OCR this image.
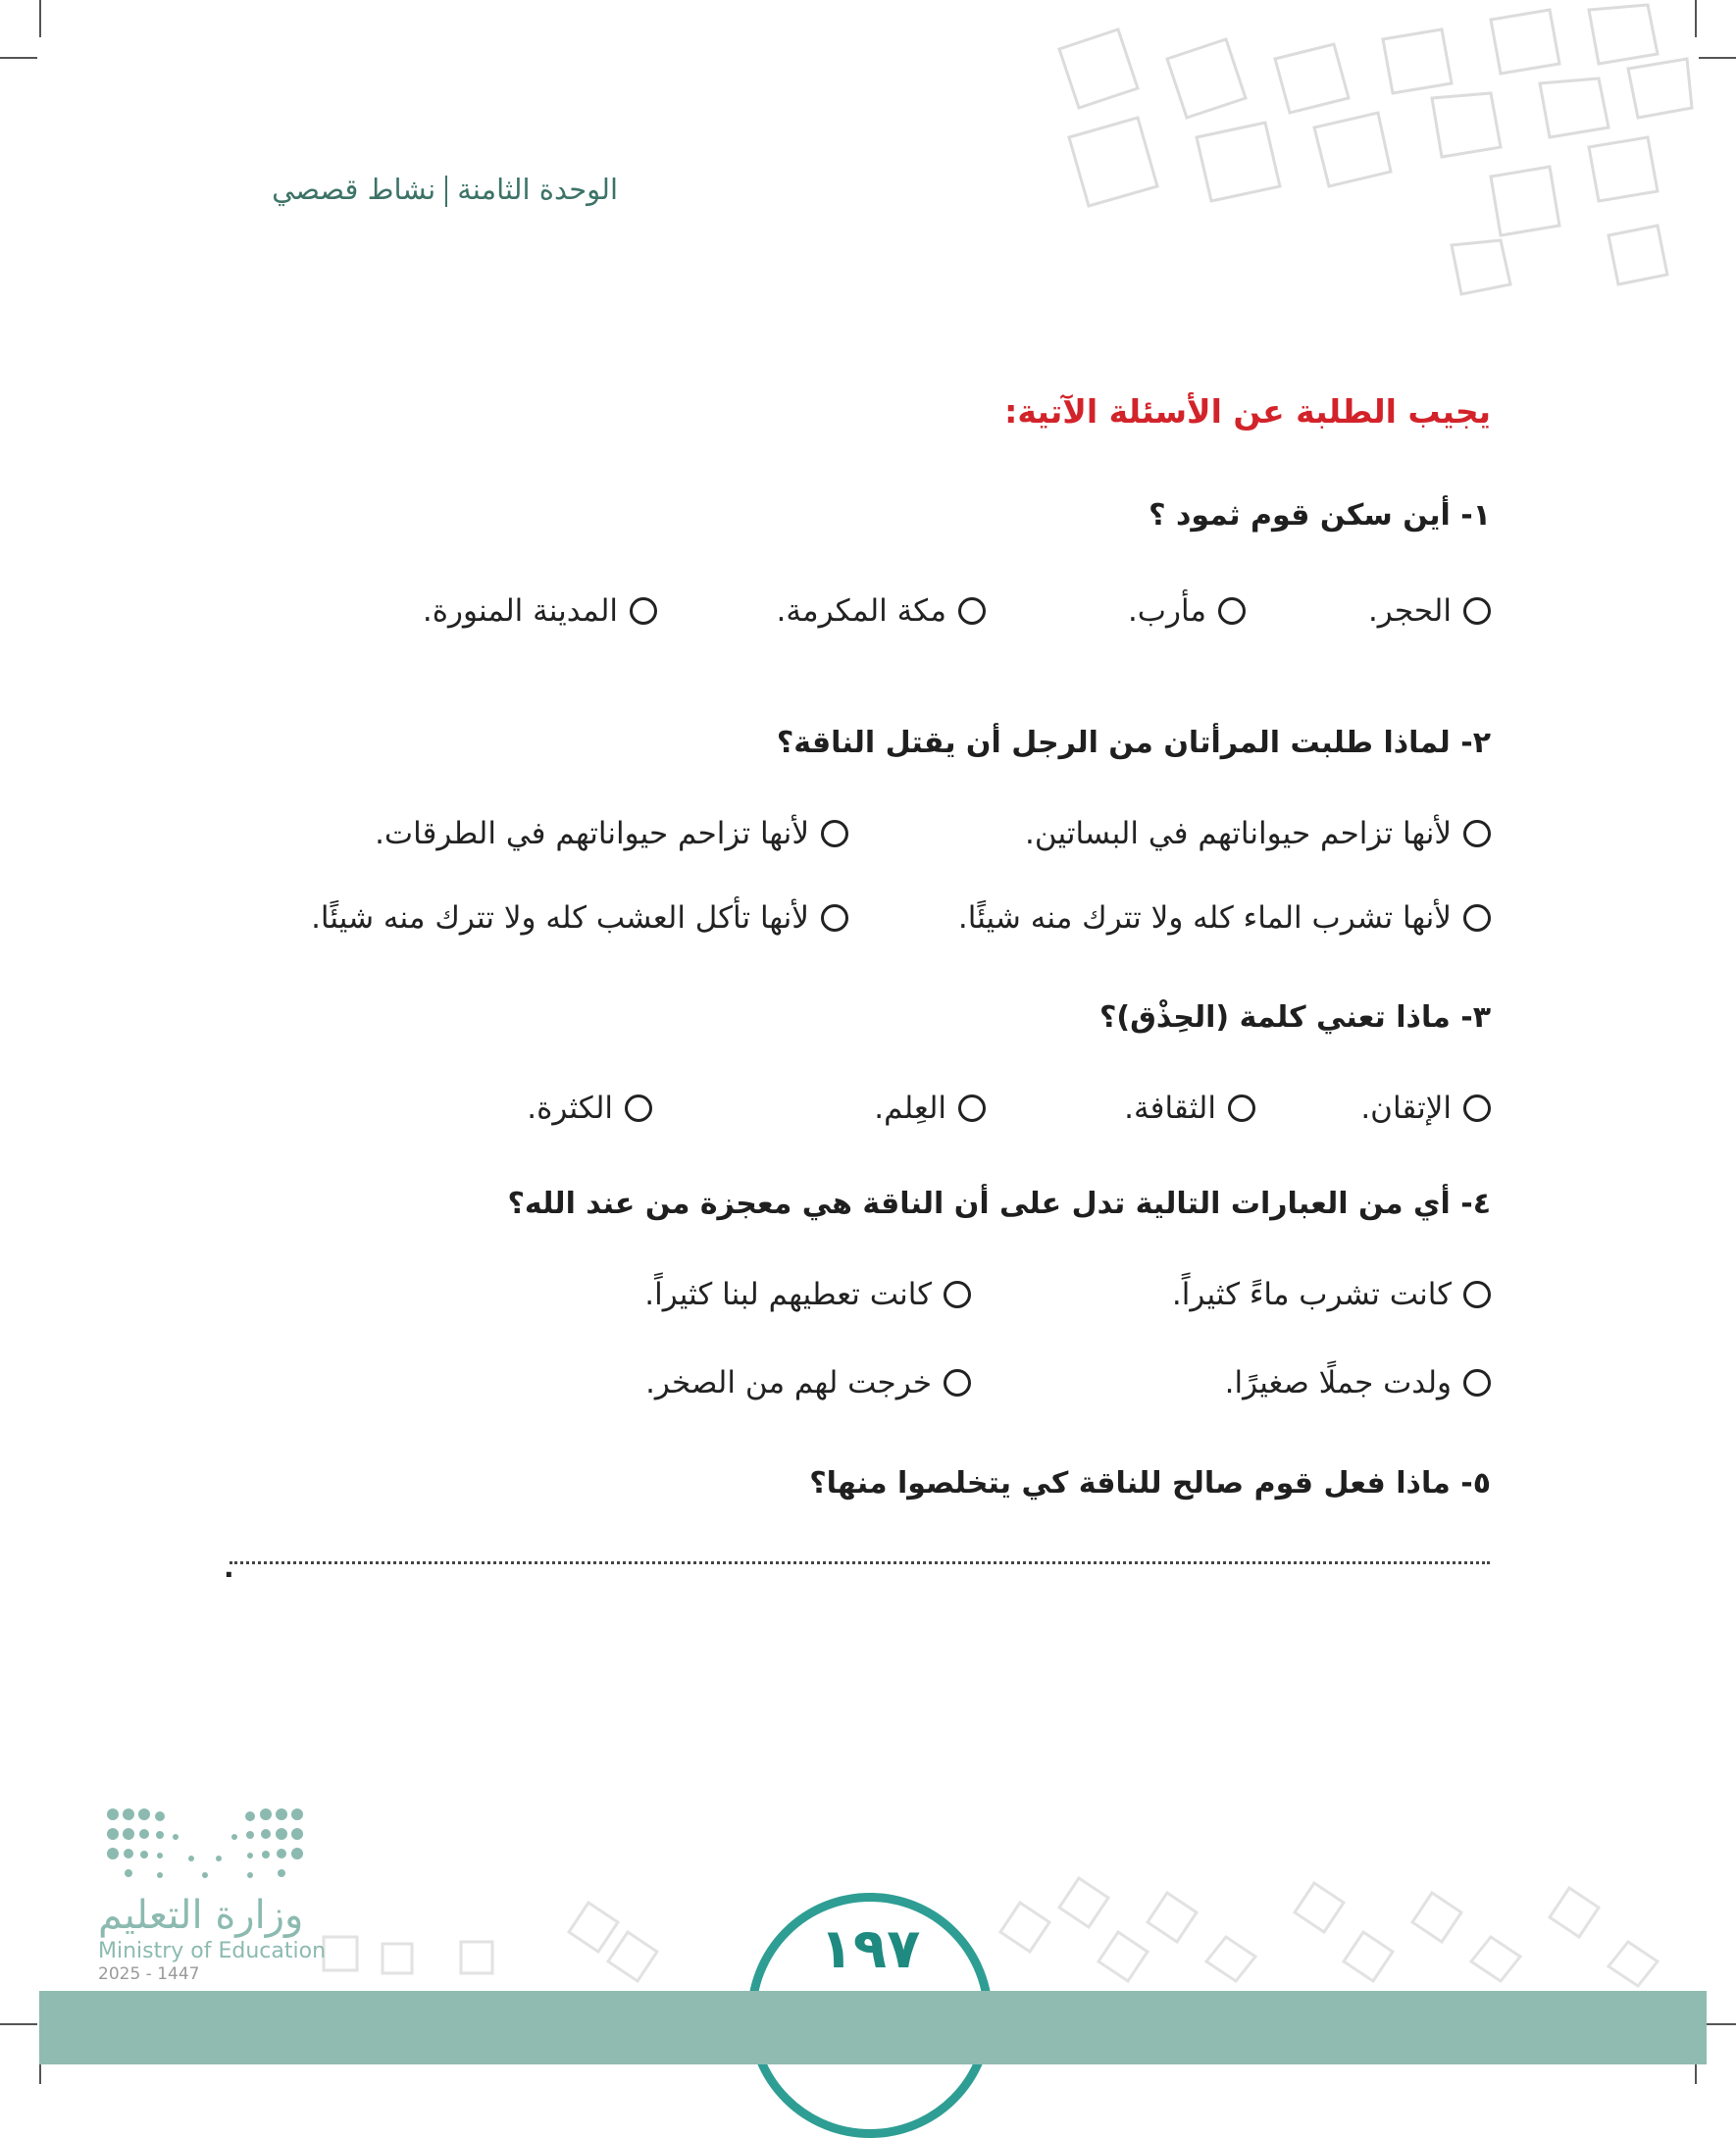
الوحدة الثامنةنشاط قصصي
يجيب الطلبة عن الأسئلة الآتية:
١- أين سكن قوم ثمود ؟
الحجر.
مأرب.
مكة المكرمة.
المدينة المنورة.
٢- لماذا طلبت المرأتان من الرجل أن يقتل الناقة؟
لأنها تزاحم حيواناتهم في البساتين.
لأنها تزاحم حيواناتهم في الطرقات.
لأنها تشرب الماء كله ولا تترك منه شيئًا.
لأنها تأكل العشب كله ولا تترك منه شيئًا.
٣- ماذا تعني كلمة (الحِذْق)؟
الإتقان.
الثقافة.
العِلم.
الكثرة.
٤- أي من العبارات التالية تدل على أن الناقة هي معجزة من عند الله؟
كانت تشرب ماءً كثيراً.
كانت تعطيهم لبنا كثيراً.
ولدت جملًا صغيرًا.
خرجت لهم من الصخر.
٥- ماذا فعل قوم صالح للناقة كي يتخلصوا منها؟
.
١٩٧
وزارة التعليم
Ministry of Education
2025 - 1447
